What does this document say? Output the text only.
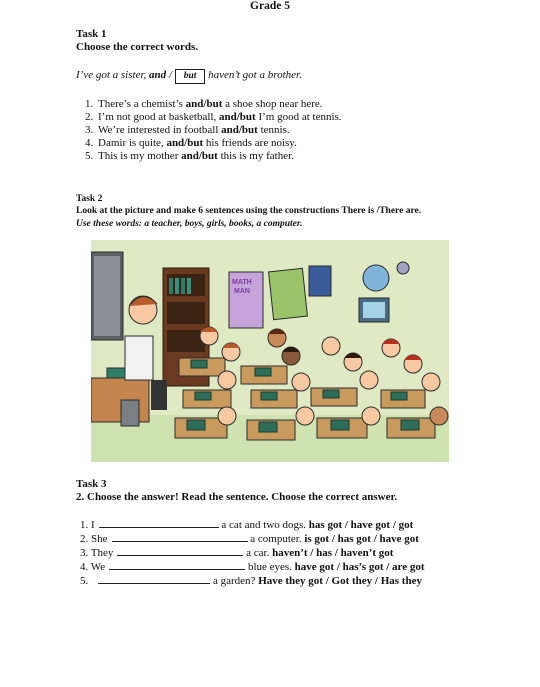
Grade 5
Task 1
Choose the correct words.
I’ve got a sister, and / but haven’t got a brother.
1. There’s a chemist’s and/but a shoe shop near here.
2. I’m not good at basketball, and/but I’m good at tennis.
3. We’re interested in football and/but tennis.
4. Damir is quite, and/but his friends are noisy.
5. This is my mother and/but this is my father.
Task 2
Look at the picture and make 6 sentences using the constructions There is /There are.
Use these words: a teacher, boys, girls, books, a computer.
MATH
MAN
Task 3
2. Choose the answer! Read the sentence. Choose the correct answer.
1. I	a cat and two dogs. has got / have got / got
2. She	a computer. is got / has got / have got
3. They	a car. haven’t / has / haven’t got
4. We	blue eyes. have got / has’s got / are got
5.	a garden? Have they got / Got they / Has they
